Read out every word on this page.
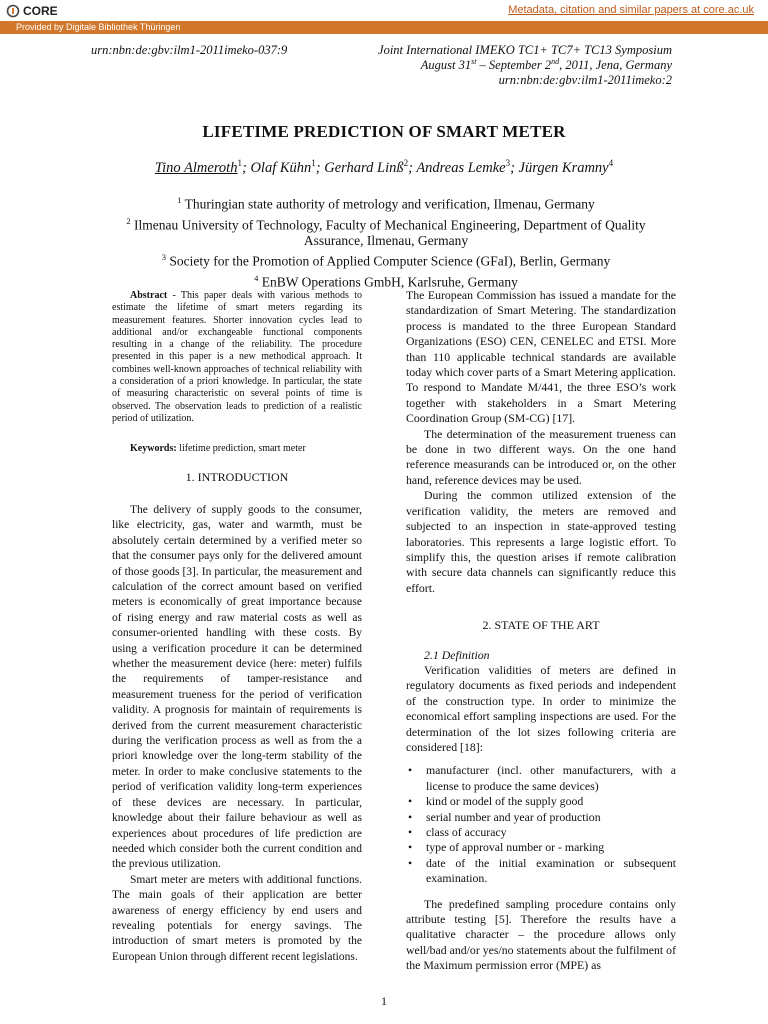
CORE	Metadata, citation and similar papers at core.ac.uk
Provided by Digitale Bibliothek Thüringen
urn:nbn:de:gbv:ilm1-2011imeko-037:9	Joint International IMEKO TC1+ TC7+ TC13 Symposium
August 31st – September 2nd, 2011, Jena, Germany
urn:nbn:de:gbv:ilm1-2011imeko:2
LIFETIME PREDICTION OF SMART METER
Tino Almeroth$^1$; Olaf Kühn$^1$; Gerhard Linß$^2$; Andreas Lemke$^3$; Jürgen Kramny$^4$

$^1$ Thuringian state authority of metrology and verification, Ilmenau, Germany

$^2$ Ilmenau University of Technology, Faculty of Mechanical Engineering, Department of Quality Assurance, Ilmenau, Germany

$^3$ Society for the Promotion of Applied Computer Science (GFaI), Berlin, Germany

$^4$ EnBW Operations GmbH, Karlsruhe, Germany

Abstract - This paper deals with various methods to estimate the lifetime of smart meters regarding its measurement features. Shorter innovation cycles lead to additional and/or exchangeable functional components resulting in a change of the reliability. The procedure presented in this paper is a new methodical approach. It combines well-known approaches of technical reliability with a consideration of a priori knowledge. In particular, the state of measuring characteristic on several points of time is observed. The observation leads to prediction of a realistic period of utilization.

Keywords: lifetime prediction, smart meter

1. INTRODUCTION

The delivery of supply goods to the consumer, like electricity, gas, water and warmth, must be absolutely certain determined by a verified meter so that the consumer pays only for the delivered amount of those goods [3]. In particular, the measurement and calculation of the correct amount based on verified meters is economically of great importance because of rising energy and raw material costs as well as consumer-oriented handling with these costs. By using a verification procedure it can be determined whether the measurement device (here: meter) fulfils the requirements of tamper-resistance and measurement trueness for the period of verification validity. A prognosis for maintain of requirements is derived from the current measurement characteristic during the verification process as well as from the a priori knowledge over the long-term stability of the meter. In order to make conclusive statements to the period of verification validity long-term experiences of these devices are necessary. In particular, knowledge about their failure behaviour as well as experiences about procedures of life prediction are needed which consider both the current condition and the previous utilization.

Smart meter are meters with additional functions. The main goals of their application are better awareness of energy efficiency by end users and revealing potentials for energy savings. The introduction of smart meters is promoted by the European Union through different recent legislations.

The European Commission has issued a mandate for the standardization of Smart Metering. The standardization process is mandated to the three European Standard Organizations (ESO) CEN, CENELEC and ETSI. More than 110 applicable technical standards are available today which cover parts of a Smart Metering application. To respond to Mandate M/441, the three ESO’s work together with stakeholders in a Smart Metering Coordination Group (SM-CG) [17].

The determination of the measurement trueness can be done in two different ways. On the one hand reference measurands can be introduced or, on the other hand, reference devices may be used.

During the common utilized extension of the verification validity, the meters are removed and subjected to an inspection in state-approved testing laboratories. This represents a large logistic effort. To simplify this, the question arises if remote calibration with secure data channels can significantly reduce this effort.

2. STATE OF THE ART

2.1 Definition

Verification validities of meters are defined in regulatory documents as fixed periods and independent of the construction type. In order to minimize the economical effort sampling inspections are used. For the determination of the lot sizes following criteria are considered [18]:

• manufacturer (incl. other manufacturers, with a license to produce the same devices)
• kind or model of the supply good
• serial number and year of production
• class of accuracy
• type of approval number or - marking
• date of the initial examination or subsequent examination.

The predefined sampling procedure contains only attribute testing [5]. Therefore the results have a qualitative character – the procedure allows only well/bad and/or yes/no statements about the fulfilment of the Maximum permission error (MPE) as

1
